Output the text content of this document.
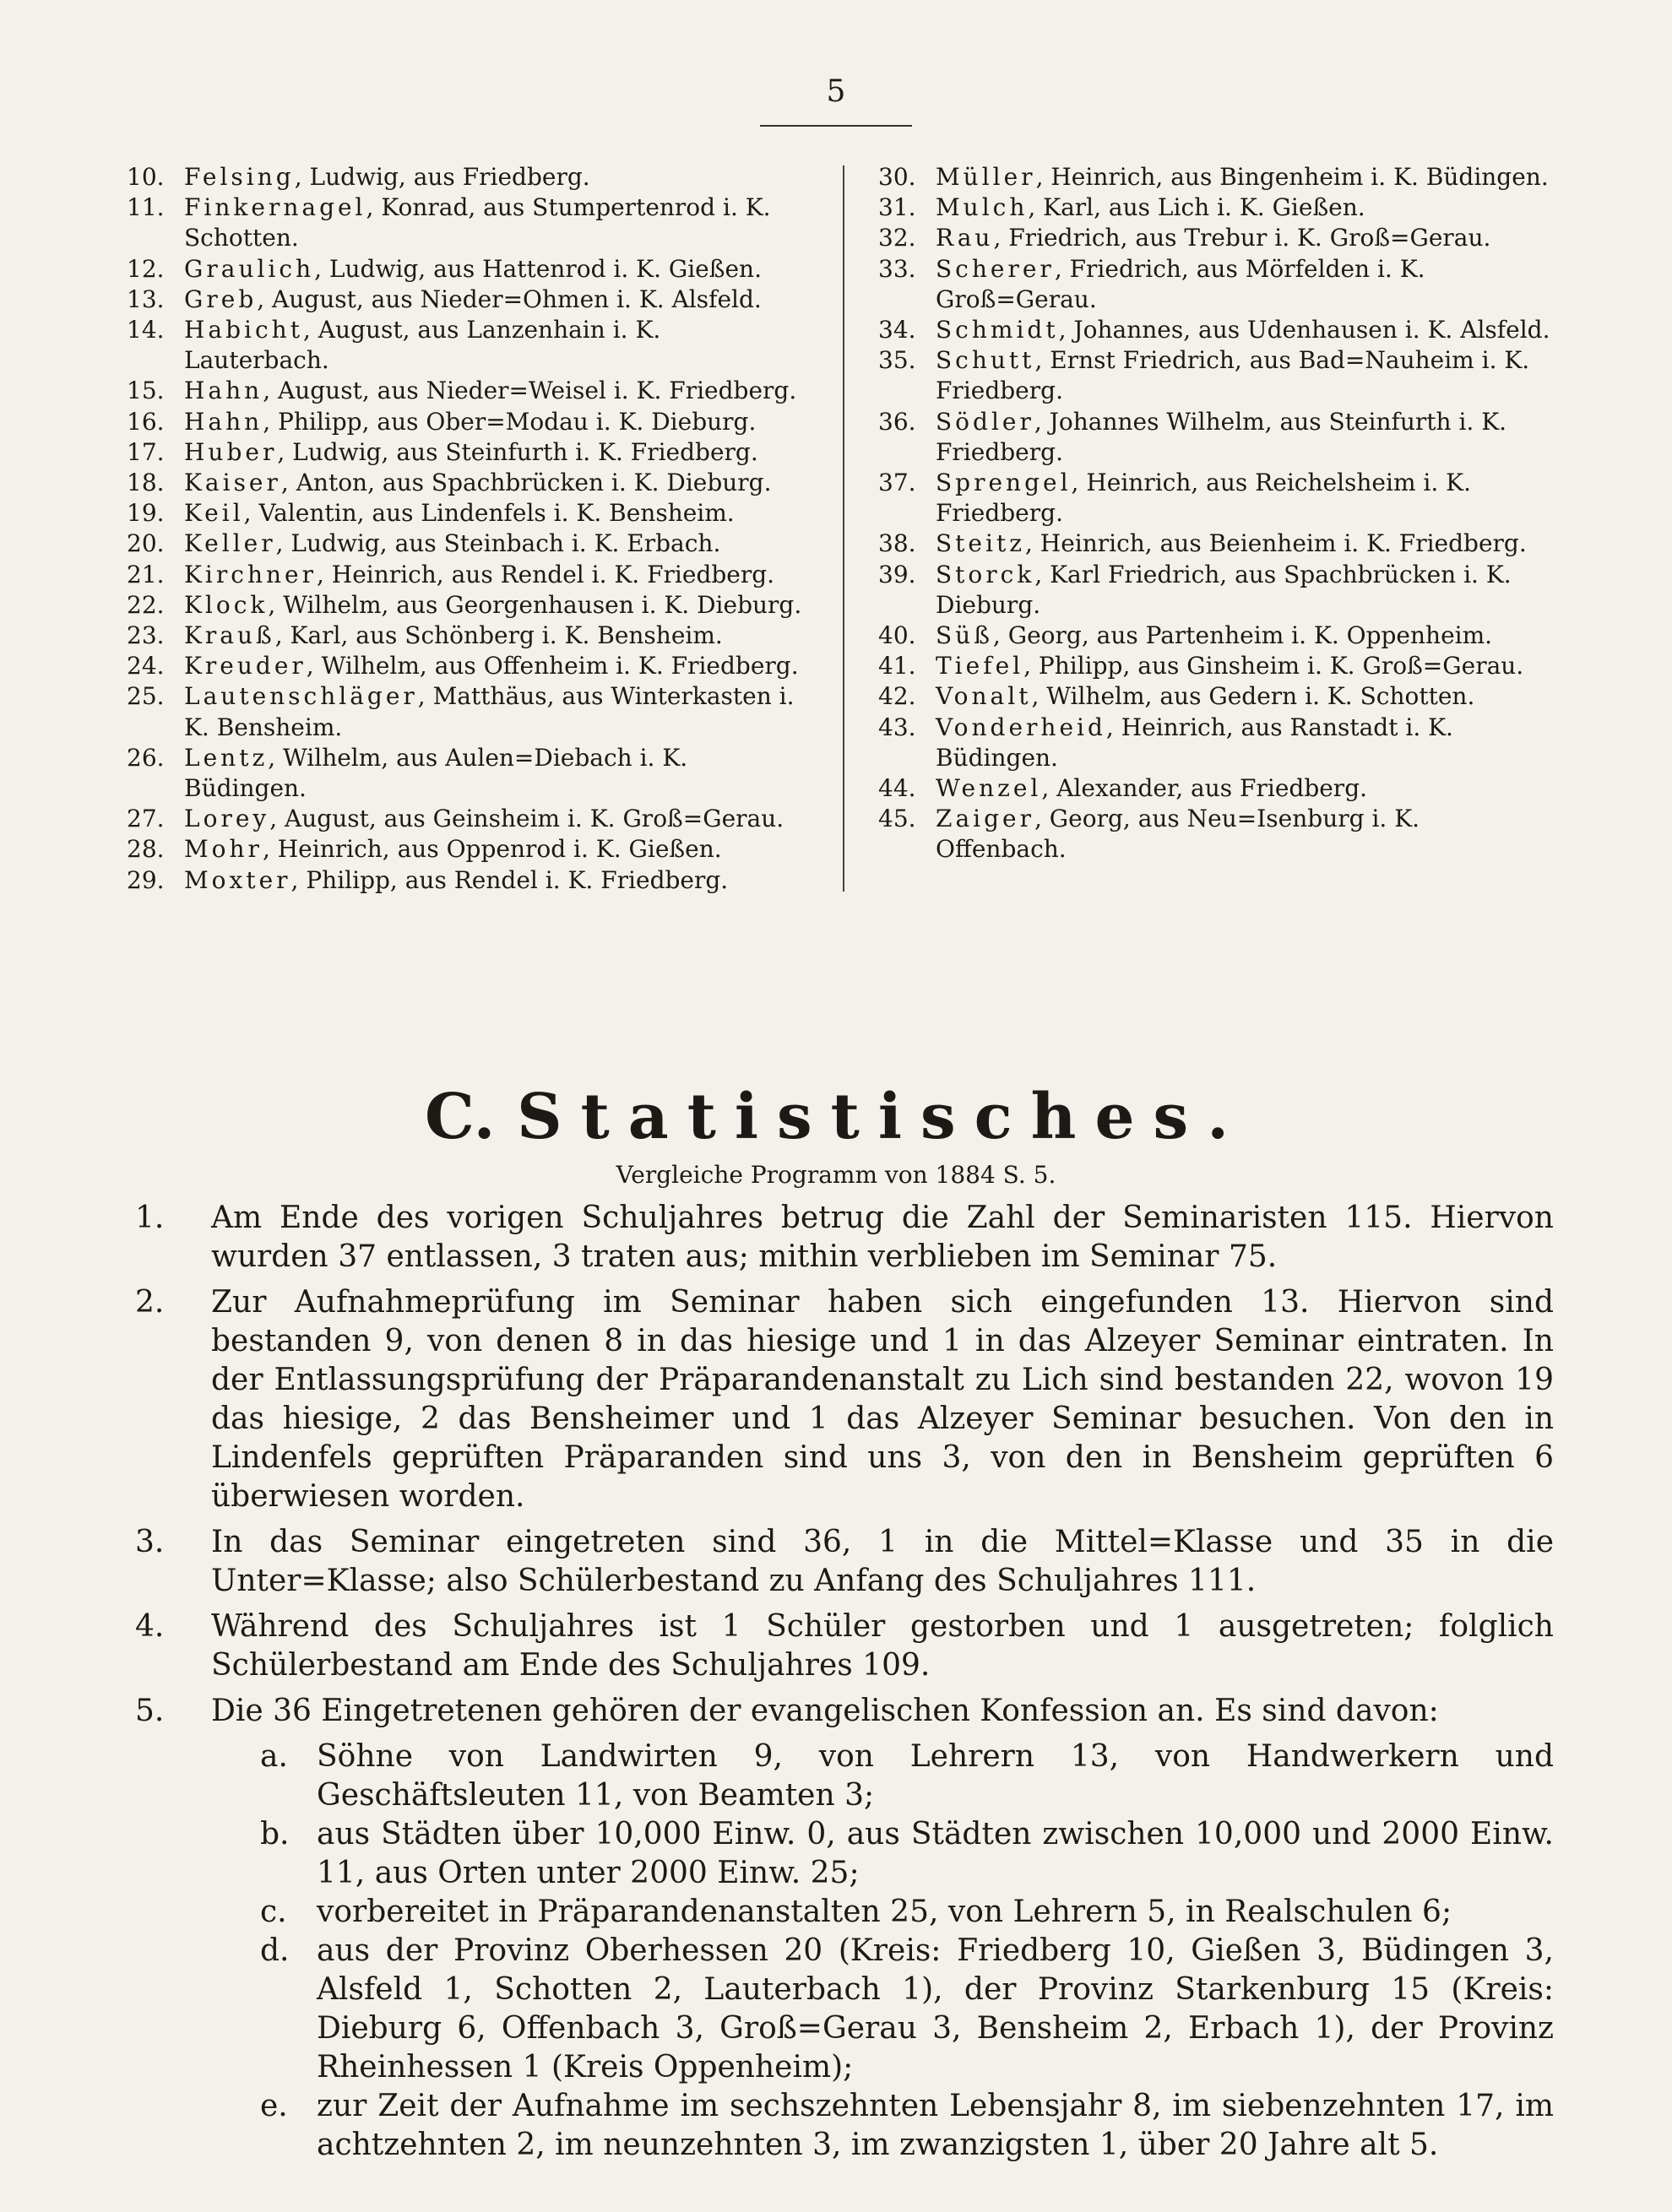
5
10. Felsing, Ludwig, aus Friedberg.
11. Finkernagel, Konrad, aus Stumpertenrod i. K. Schotten.
12. Graulich, Ludwig, aus Hattenrod i. K. Gießen.
13. Greb, August, aus Nieder=Ohmen i. K. Alsfeld.
14. Habicht, August, aus Lanzenhain i. K. Lauterbach.
15. Hahn, August, aus Nieder=Weisel i. K. Friedberg.
16. Hahn, Philipp, aus Ober=Modau i. K. Dieburg.
17. Huber, Ludwig, aus Steinfurth i. K. Friedberg.
18. Kaiser, Anton, aus Spachbrücken i. K. Dieburg.
19. Keil, Valentin, aus Lindenfels i. K. Bensheim.
20. Keller, Ludwig, aus Steinbach i. K. Erbach.
21. Kirchner, Heinrich, aus Rendel i. K. Friedberg.
22. Klock, Wilhelm, aus Georgenhausen i. K. Dieburg.
23. Krauß, Karl, aus Schönberg i. K. Bensheim.
24. Kreuder, Wilhelm, aus Offenheim i. K. Friedberg.
25. Lautenschläger, Matthäus, aus Winterkasten i. K. Bensheim.
26. Lentz, Wilhelm, aus Aulen=Diebach i. K. Büdingen.
27. Lorey, August, aus Geinsheim i. K. Groß=Gerau.
28. Mohr, Heinrich, aus Oppenrod i. K. Gießen.
29. Moxter, Philipp, aus Rendel i. K. Friedberg.
30. Müller, Heinrich, aus Bingenheim i. K. Büdingen.
31. Mulch, Karl, aus Lich i. K. Gießen.
32. Rau, Friedrich, aus Trebur i. K. Groß=Gerau.
33. Scherer, Friedrich, aus Mörfelden i. K. Groß=Gerau.
34. Schmidt, Johannes, aus Udenhausen i. K. Alsfeld.
35. Schutt, Ernst Friedrich, aus Bad=Nauheim i. K. Friedberg.
36. Södler, Johannes Wilhelm, aus Steinfurth i. K. Friedberg.
37. Sprengel, Heinrich, aus Reichelsheim i. K. Friedberg.
38. Steitz, Heinrich, aus Beienheim i. K. Friedberg.
39. Storck, Karl Friedrich, aus Spachbrücken i. K. Dieburg.
40. Süß, Georg, aus Partenheim i. K. Oppenheim.
41. Tiefel, Philipp, aus Ginsheim i. K. Groß=Gerau.
42. Vonalt, Wilhelm, aus Gedern i. K. Schotten.
43. Vonderheid, Heinrich, aus Ranstadt i. K. Büdingen.
44. Wenzel, Alexander, aus Friedberg.
45. Zaiger, Georg, aus Neu=Isenburg i. K. Offenbach.
C. Statistisches.
Vergleiche Programm von 1884 S. 5.
1. Am Ende des vorigen Schuljahres betrug die Zahl der Seminaristen 115. Hiervon wurden 37 entlassen, 3 traten aus; mithin verblieben im Seminar 75.
2. Zur Aufnahmeprüfung im Seminar haben sich eingefunden 13. Hiervon sind bestanden 9, von denen 8 in das hiesige und 1 in das Alzeyer Seminar eintraten. In der Entlassungsprüfung der Präparandenanstalt zu Lich sind bestanden 22, wovon 19 das hiesige, 2 das Bensheimer und 1 das Alzeyer Seminar besuchen. Von den in Lindenfels geprüften Präparanden sind uns 3, von den in Bensheim geprüften 6 überwiesen worden.
3. In das Seminar eingetreten sind 36, 1 in die Mittel=Klasse und 35 in die Unter=Klasse; also Schülerbestand zu Anfang des Schuljahres 111.
4. Während des Schuljahres ist 1 Schüler gestorben und 1 ausgetreten; folglich Schülerbestand am Ende des Schuljahres 109.
5. Die 36 Eingetretenen gehören der evangelischen Konfession an. Es sind davon:
a. Söhne von Landwirten 9, von Lehrern 13, von Handwerkern und Geschäftsleuten 11, von Beamten 3;
b. aus Städten über 10,000 Einw. 0, aus Städten zwischen 10,000 und 2000 Einw. 11, aus Orten unter 2000 Einw. 25;
c. vorbereitet in Präparandenanstalten 25, von Lehrern 5, in Realschulen 6;
d. aus der Provinz Oberhessen 20 (Kreis: Friedberg 10, Gießen 3, Büdingen 3, Alsfeld 1, Schotten 2, Lauterbach 1), der Provinz Starkenburg 15 (Kreis: Dieburg 6, Offenbach 3, Groß=Gerau 3, Bensheim 2, Erbach 1), der Provinz Rheinhessen 1 (Kreis Oppenheim);
e. zur Zeit der Aufnahme im sechszehnten Lebensjahr 8, im siebenzehnten 17, im achtzehnten 2, im neunzehnten 3, im zwanzigsten 1, über 20 Jahre alt 5.
